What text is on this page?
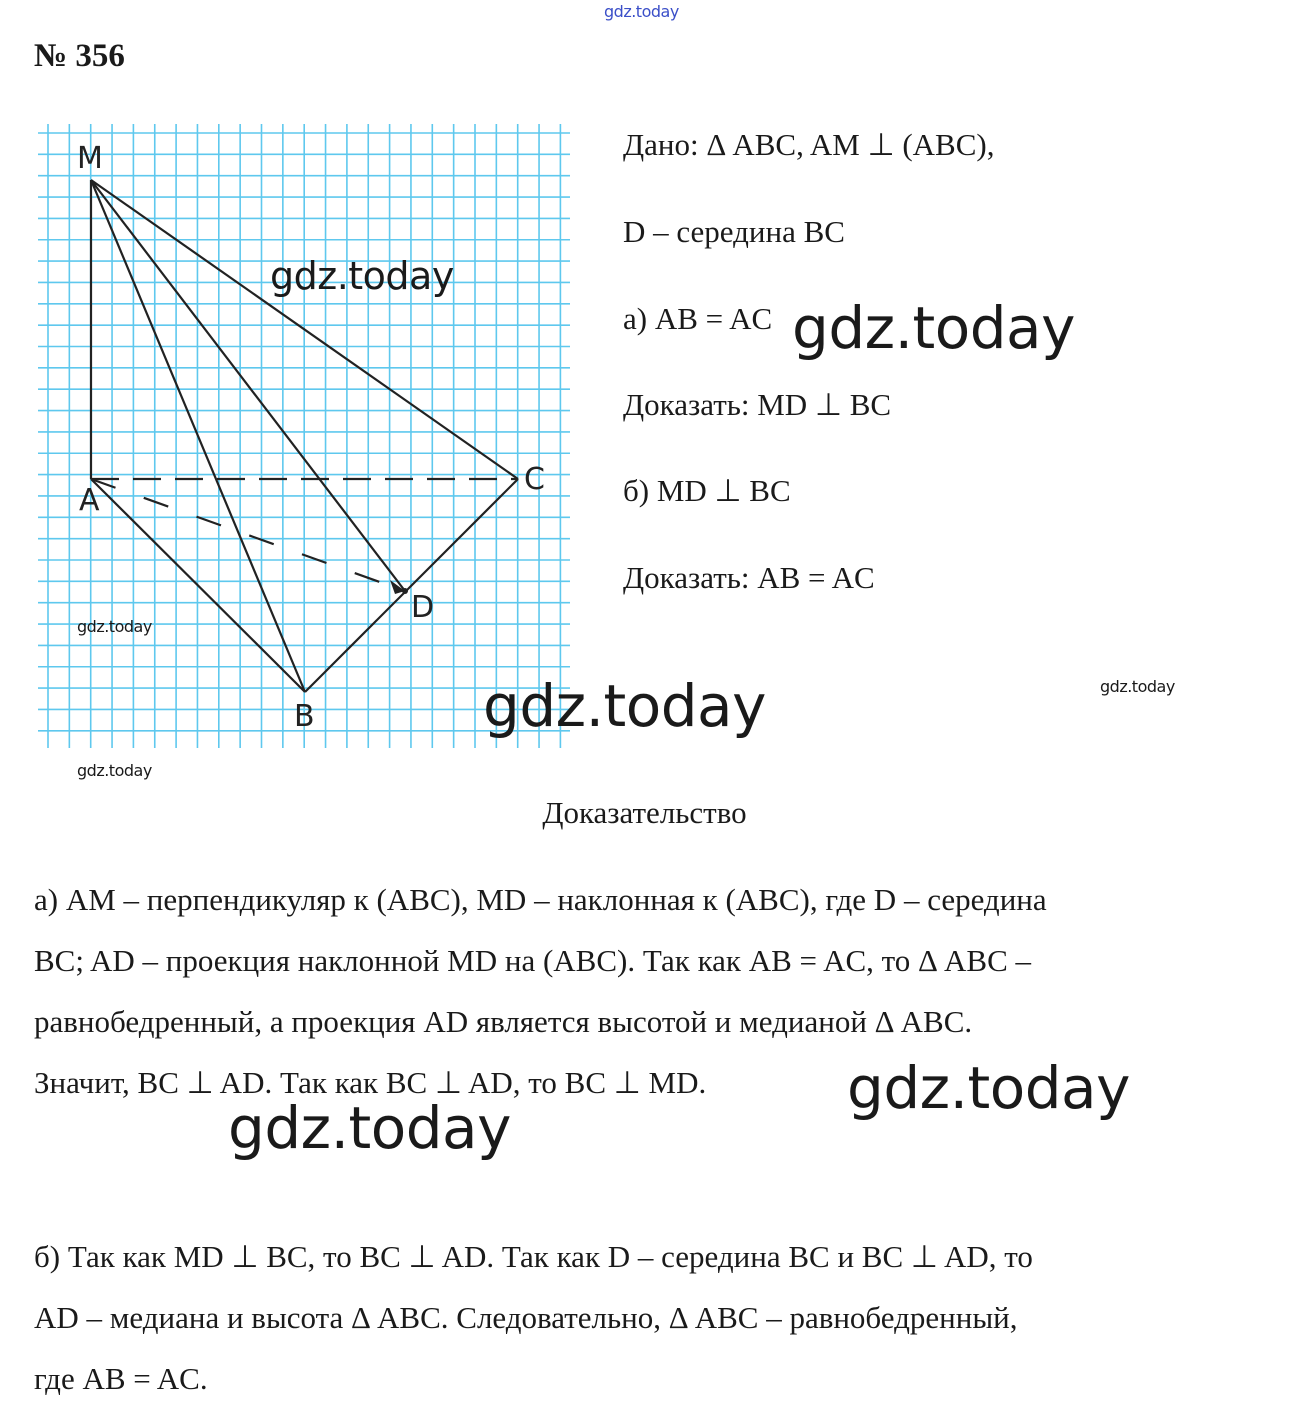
gdz.today
№ 356
M
A
C
D
B
Дано: Δ ABC, AM ⊥ (ABC),
D – середина BC
а) AB = AC
Доказать: MD ⊥ BC
б) MD ⊥ BC
Доказать: AB = AC
Доказательство
а) AM – перпендикуляр к (ABC), MD – наклонная к (ABC), где D – середина
BC; AD – проекция наклонной MD на (ABC). Так как AB = AC, то Δ ABC –
равнобедренный, а проекция AD является высотой и медианой Δ ABC.
Значит, BC ⊥ AD. Так как BC ⊥ AD, то BC ⊥ MD.
б) Так как MD ⊥ BC, то BC ⊥ AD. Так как D – середина BC и BC ⊥ AD, то
AD – медиана и высота Δ ABC. Следовательно, Δ ABC – равнобедренный,
где AB = AC.
gdz.today
gdz.today
gdz.today
gdz.today
gdz.today
gdz.today
gdz.today
gdz.today
